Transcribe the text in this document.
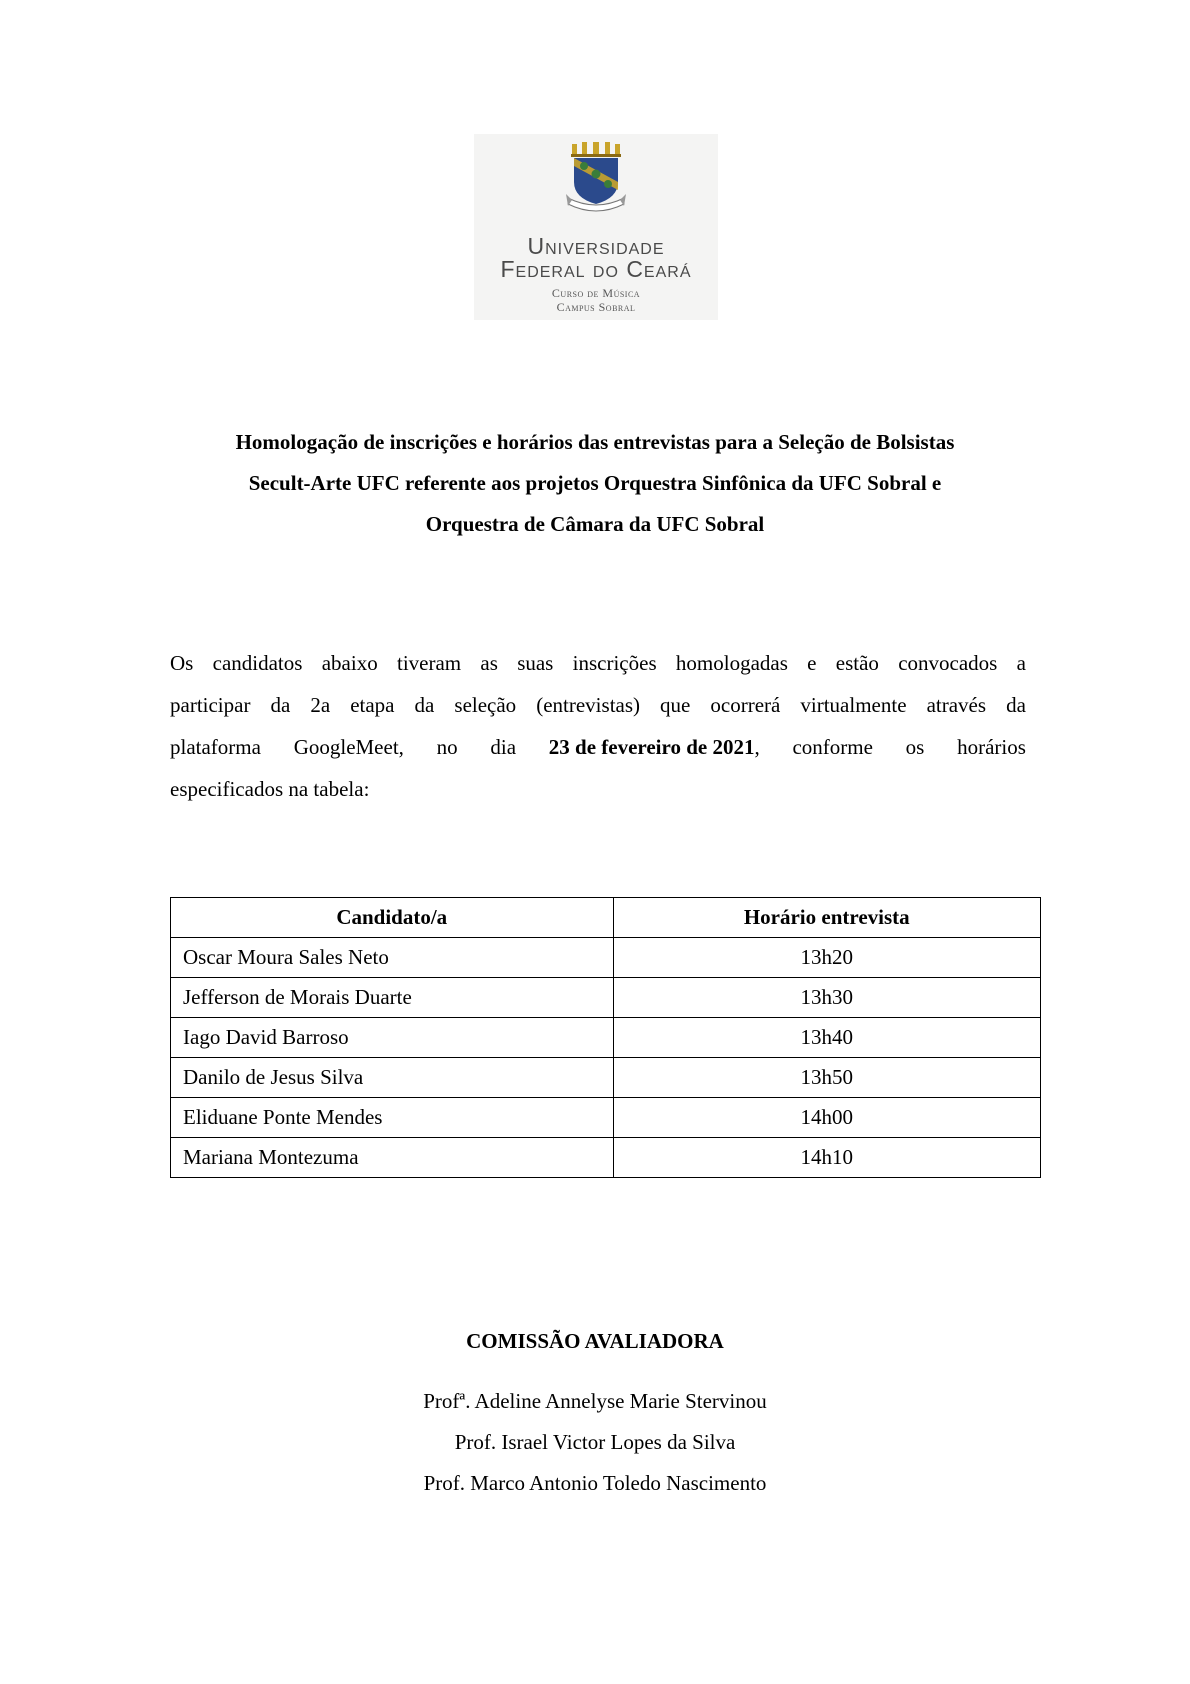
Universidade
Federal do Ceará
Curso de Música
Campus Sobral
Homologação de inscrições e horários das entrevistas para a Seleção de Bolsistas
Secult-Arte UFC referente aos projetos Orquestra Sinfônica da UFC Sobral e
Orquestra de Câmara da UFC Sobral
Os candidatos abaixo tiveram as suas inscrições homologadas e estão convocados a
participar da 2a etapa da seleção (entrevistas) que ocorrerá virtualmente através da
plataforma GoogleMeet, no dia 23 de fevereiro de 2021, conforme os horários
especificados na tabela:
Candidato/a	Horário entrevista
Oscar Moura Sales Neto	13h20
Jefferson de Morais Duarte	13h30
Iago David Barroso	13h40
Danilo de Jesus Silva	13h50
Eliduane Ponte Mendes	14h00
Mariana Montezuma	14h10
COMISSÃO AVALIADORA
Profª. Adeline Annelyse Marie Stervinou
Prof. Israel Victor Lopes da Silva
Prof. Marco Antonio Toledo Nascimento
